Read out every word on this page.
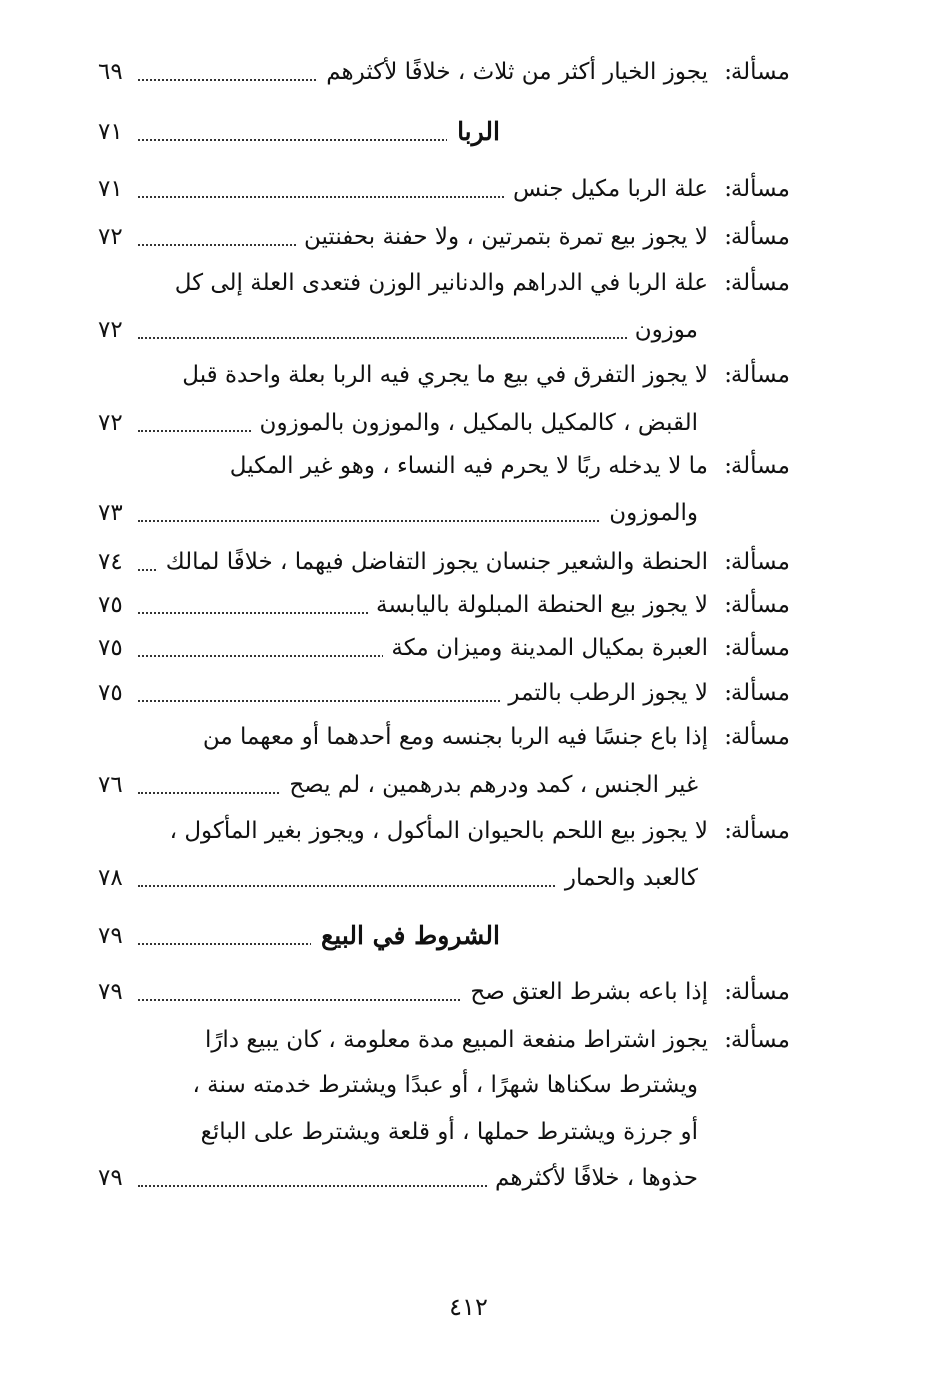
مسألة
:
يجوز الخيار أكثر من ثلاث ، خلافًا لأكثرهم
٦٩
الربا
٧١
مسألة
:
علة الربا مكيل جنس
٧١
مسألة
:
لا يجوز بيع تمرة بتمرتين ، ولا حفنة بحفنتين
٧٢
مسألة
:
علة الربا في الدراهم والدنانير الوزن فتعدى العلة إلى كل
موزون
٧٢
مسألة
:
لا يجوز التفرق في بيع ما يجري فيه الربا بعلة واحدة قبل
القبض ، كالمكيل بالمكيل ، والموزون بالموزون
٧٢
مسألة
:
ما لا يدخله ربًا لا يحرم فيه النساء ، وهو غير المكيل
والموزون
٧٣
مسألة
:
الحنطة والشعير جنسان يجوز التفاضل فيهما ، خلافًا لمالك
٧٤
مسألة
:
لا يجوز بيع الحنطة المبلولة باليابسة
٧٥
مسألة
:
العبرة بمكيال المدينة وميزان مكة
٧٥
مسألة
:
لا يجوز الرطب بالتمر
٧٥
مسألة
:
إذا باع جنسًا فيه الربا بجنسه ومع أحدهما أو معهما من
غير الجنس ، كمد ودرهم بدرهمين ، لم يصح
٧٦
مسألة
:
لا يجوز بيع اللحم بالحيوان المأكول ، ويجوز بغير المأكول ،
كالعبد والحمار
٧٨
الشروط في البيع
٧٩
مسألة
:
إذا باعه بشرط العتق صح
٧٩
مسألة
:
يجوز اشتراط منفعة المبيع مدة معلومة ، كان يبيع دارًا
ويشترط سكناها شهرًا ، أو عبدًا ويشترط خدمته سنة ،
أو جرزة ويشترط حملها ، أو قلعة ويشترط على البائع
حذوها ، خلافًا لأكثرهم
٧٩
٤١٢
